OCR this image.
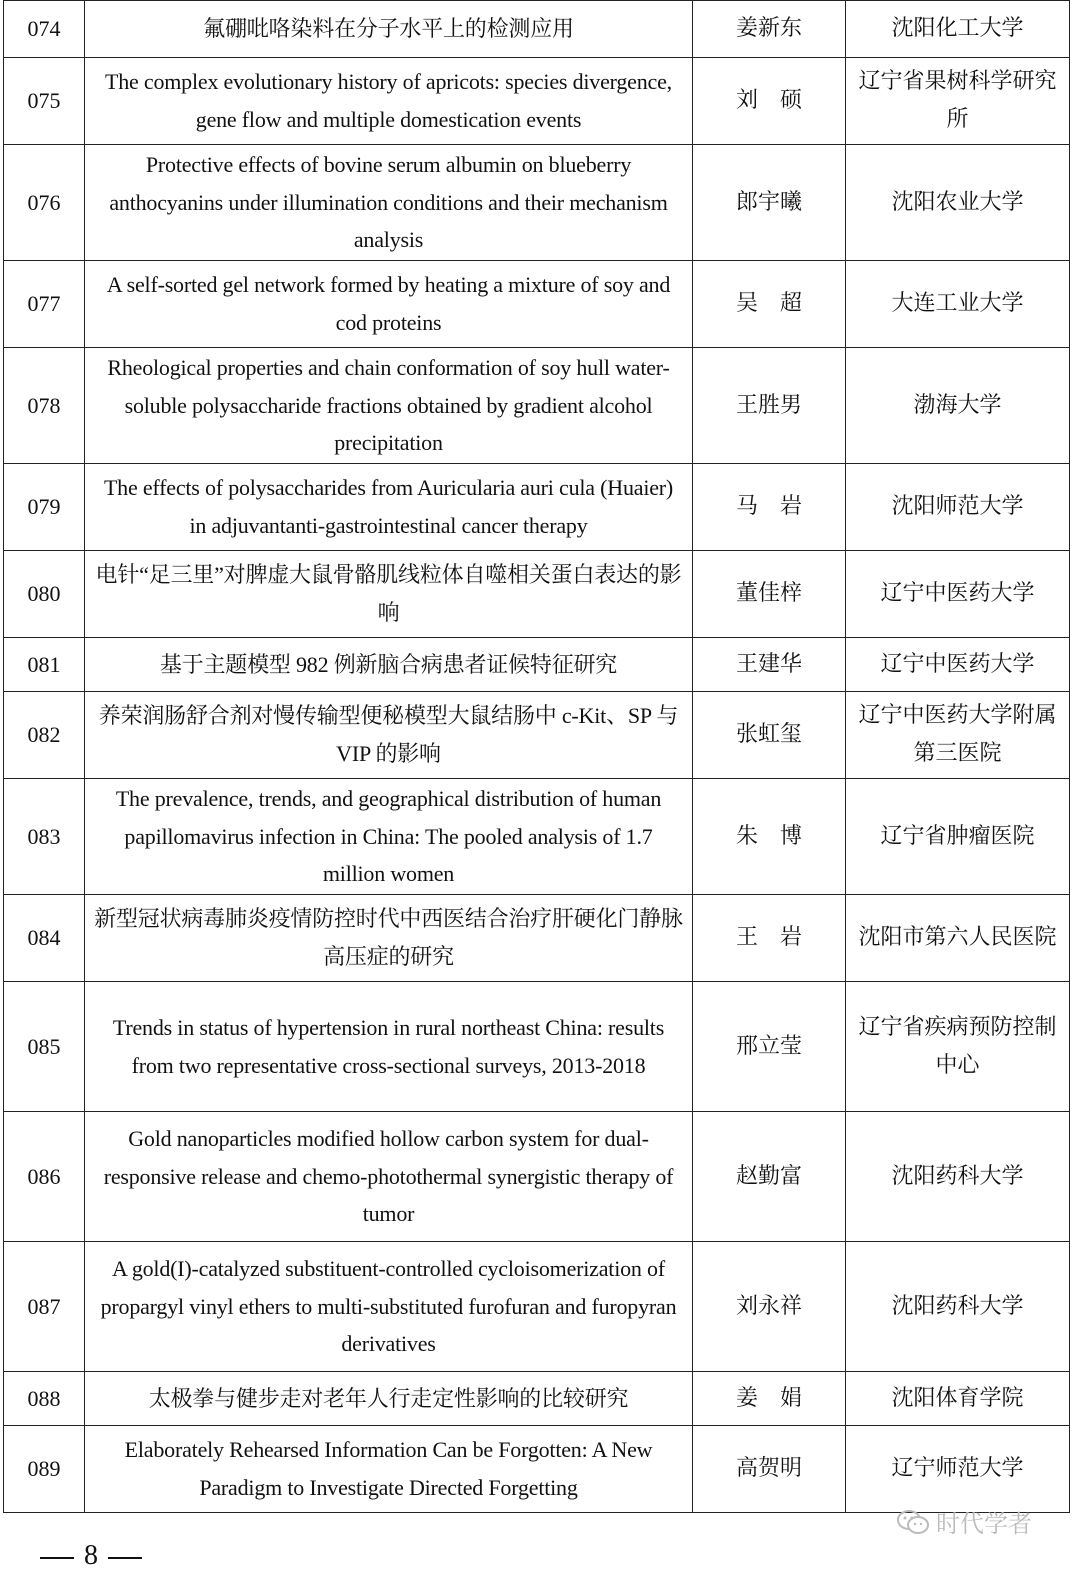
074	氟硼吡咯染料在分子水平上的检测应用	姜新东	沈阳化工大学
075	The complex evolutionary history of apricots: species divergence, gene flow and multiple domestication events	刘　硕	辽宁省果树科学研究所
076	Protective effects of bovine serum albumin on blueberry anthocyanins under illumination conditions and their mechanism analysis	郎宇曦	沈阳农业大学
077	A self-sorted gel network formed by heating a mixture of soy and cod proteins	吴　超	大连工业大学
078	Rheological properties and chain conformation of soy hull water-soluble polysaccharide fractions obtained by gradient alcohol precipitation	王胜男	渤海大学
079	The effects of polysaccharides from Auricularia auri cula (Huaier) in adjuvantanti-gastrointestinal cancer therapy	马　岩	沈阳师范大学
080	电针“足三里”对脾虚大鼠骨骼肌线粒体自噬相关蛋白表达的影响	董佳梓	辽宁中医药大学
081	基于主题模型 982 例新脑合病患者证候特征研究	王建华	辽宁中医药大学
082	养荣润肠舒合剂对慢传输型便秘模型大鼠结肠中 c-Kit、SP 与 VIP 的影响	张虹玺	辽宁中医药大学附属第三医院
083	The prevalence, trends, and geographical distribution of human papillomavirus infection in China: The pooled analysis of 1.7 million women	朱　博	辽宁省肿瘤医院
084	新型冠状病毒肺炎疫情防控时代中西医结合治疗肝硬化门静脉高压症的研究	王　岩	沈阳市第六人民医院
085	Trends in status of hypertension in rural northeast China: results from two representative cross-sectional surveys, 2013-2018	邢立莹	辽宁省疾病预防控制中心
086	Gold nanoparticles modified hollow carbon system for dual-responsive release and chemo-photothermal synergistic therapy of tumor	赵勤富	沈阳药科大学
087	A gold(I)-catalyzed substituent-controlled cycloisomerization of propargyl vinyl ethers to multi-substituted furofuran and furopyran derivatives	刘永祥	沈阳药科大学
088	太极拳与健步走对老年人行走定性影响的比较研究	姜　娟	沈阳体育学院
089	Elaborately Rehearsed Information Can be Forgotten: A New Paradigm to Investigate Directed Forgetting	高贺明	辽宁师范大学
8
时代学者
